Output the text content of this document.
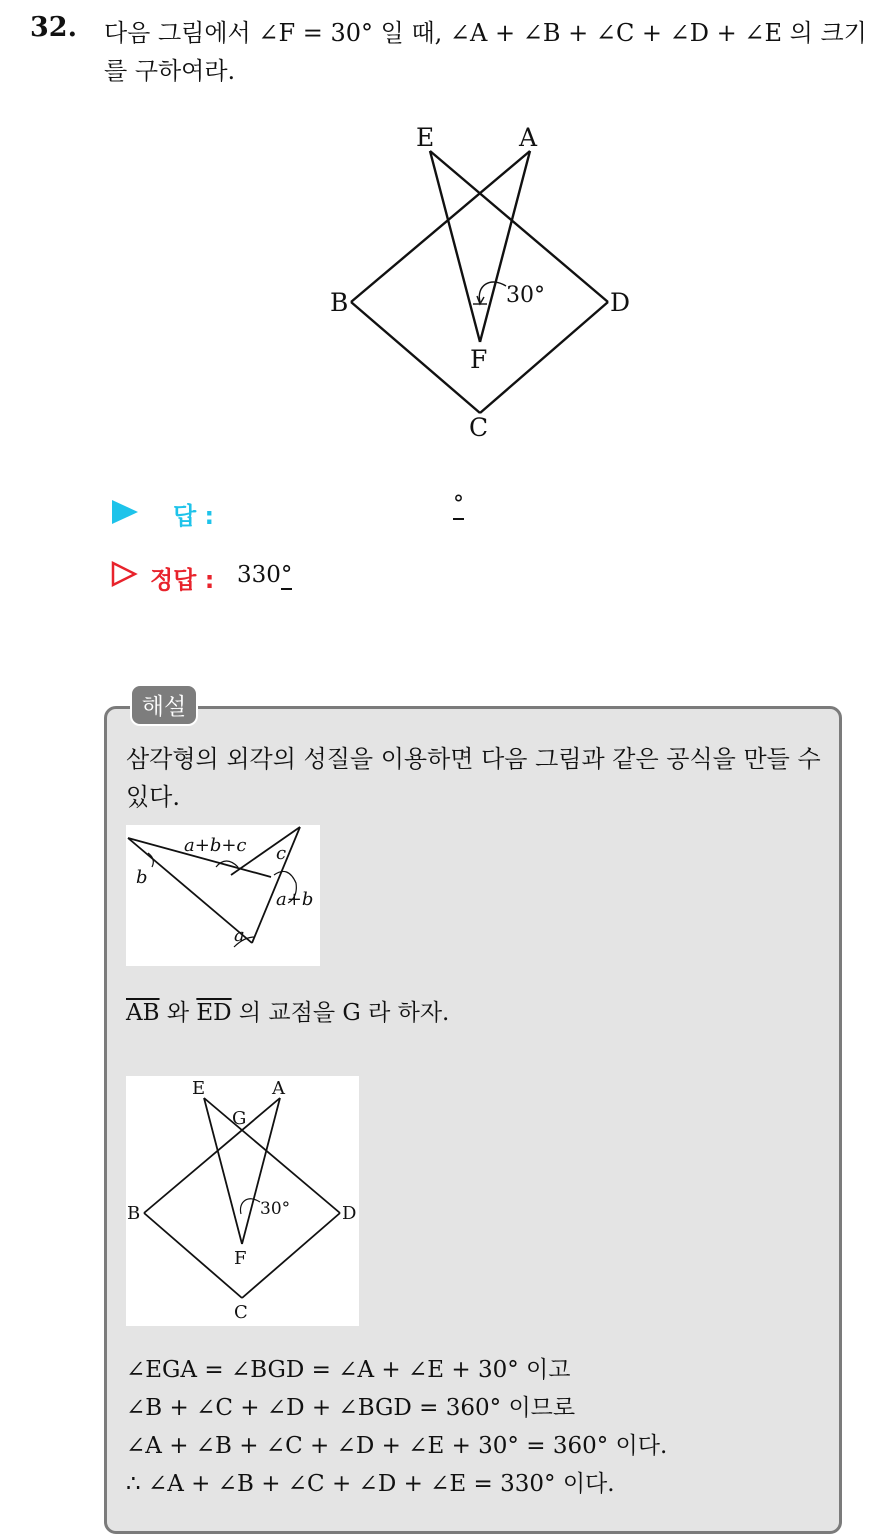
32. 다음 그림에서 ∠F = 30° 일 때, ∠A + ∠B + ∠C + ∠D + ∠E 의 크기를 구하여라.
E	A
B	D
F
C
30°
답 :	°
정답 : 330°
해설
삼각형의 외각의 성질을 이용하면 다음 그림과 같은 공식을 만들 수 있다.
a+b+c
b
c
a+b
a
$\overline{AB}$ 와 $\overline{ED}$ 의 교점을 G 라 하자.
E	A
G
B	D
F
C
30°
∠EGA = ∠BGD = ∠A + ∠E + 30° 이고
∠B + ∠C + ∠D + ∠BGD = 360° 이므로
∠A + ∠B + ∠C + ∠D + ∠E + 30° = 360° 이다.
∴ ∠A + ∠B + ∠C + ∠D + ∠E = 330° 이다.
